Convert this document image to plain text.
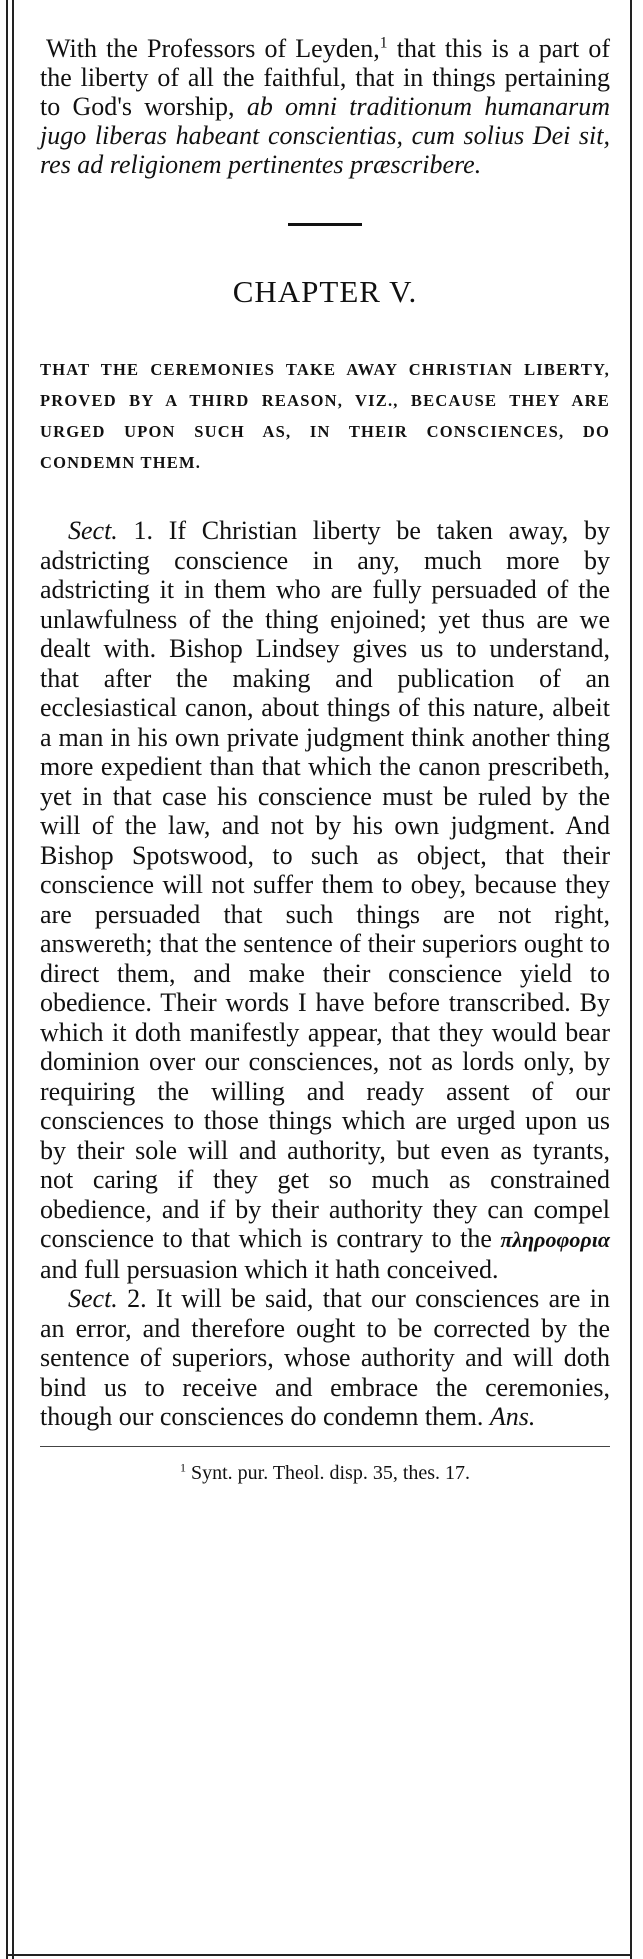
With the Professors of Leyden,$^1$ that this is a part of the liberty of all the faithful, that in things pertaining to God's worship, ab omni traditionum humanarum jugo liberas habeant conscientias, cum solius Dei sit, res ad religionem pertinentes præscribere.

CHAPTER V.

THAT THE CEREMONIES TAKE AWAY CHRISTIAN LIBERTY, PROVED BY A THIRD REASON, VIZ., BECAUSE THEY ARE URGED UPON SUCH AS, IN THEIR CONSCIENCES, DO CONDEMN THEM.

Sect. 1. If Christian liberty be taken away, by adstricting conscience in any, much more by adstricting it in them who are fully persuaded of the unlawfulness of the thing enjoined; yet thus are we dealt with. Bishop Lindsey gives us to understand, that after the making and publication of an ecclesiastical canon, about things of this nature, albeit a man in his own private judgment think another thing more expedient than that which the canon prescribeth, yet in that case his conscience must be ruled by the will of the law, and not by his own judgment. And Bishop Spotswood, to such as object, that their conscience will not suffer them to obey, because they are persuaded that such things are not right, answereth; that the sentence of their superiors ought to direct them, and make their conscience yield to obedience. Their words I have before transcribed. By which it doth manifestly appear, that they would bear dominion over our consciences, not as lords only, by requiring the willing and ready assent of our consciences to those things which are urged upon us by their sole will and authority, but even as tyrants, not caring if they get so much as constrained obedience, and if by their authority they can compel conscience to that which is contrary to the πληροφορια and full persuasion which it hath conceived.

Sect. 2. It will be said, that our consciences are in an error, and therefore ought to be corrected by the sentence of superiors, whose authority and will doth bind us to receive and embrace the ceremonies, though our consciences do condemn them. Ans.

$^1$ Synt. pur. Theol. disp. 35, thes. 17.
